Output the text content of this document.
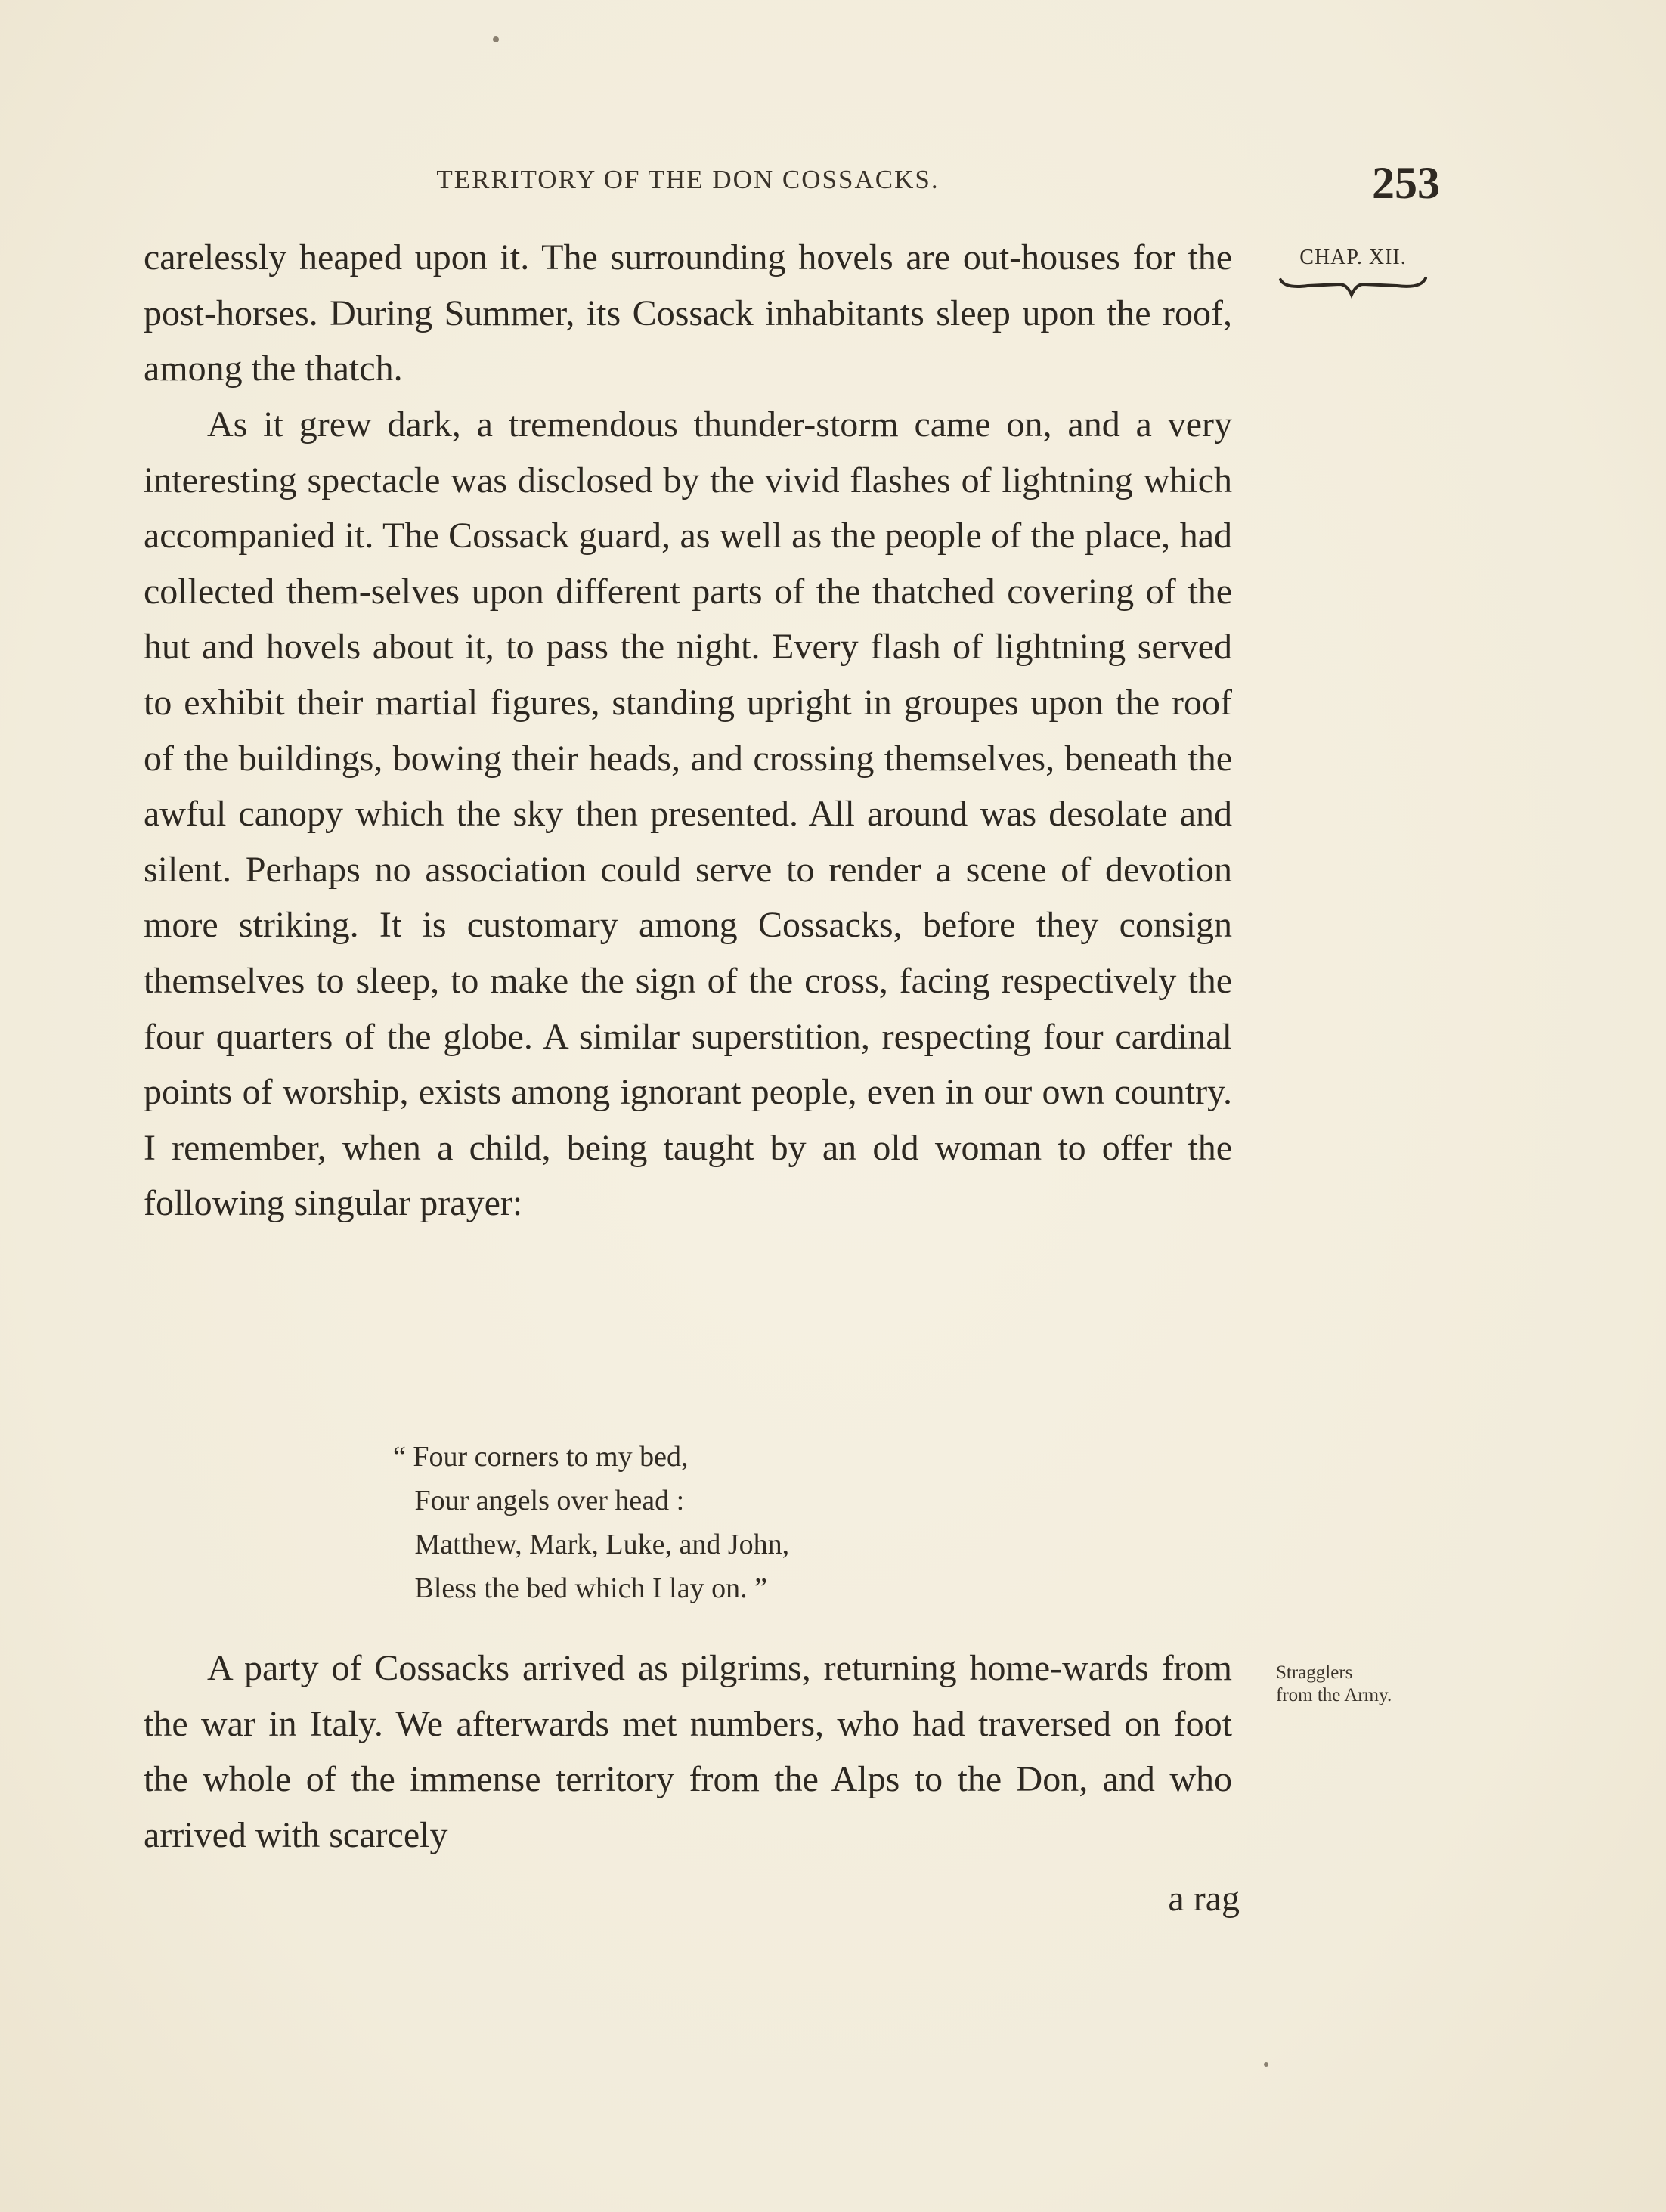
TERRITORY OF THE DON COSSACKS.	253
CHAP. XII.
carelessly heaped upon it. The surrounding hovels are out-houses for the post-horses. During Summer, its Cossack inhabitants sleep upon the roof, among the thatch.
As it grew dark, a tremendous thunder-storm came on, and a very interesting spectacle was disclosed by the vivid flashes of lightning which accompanied it. The Cossack guard, as well as the people of the place, had collected them-selves upon different parts of the thatched covering of the hut and hovels about it, to pass the night. Every flash of lightning served to exhibit their martial figures, standing upright in groupes upon the roof of the buildings, bowing their heads, and crossing themselves, beneath the awful canopy which the sky then presented. All around was desolate and silent. Perhaps no association could serve to render a scene of devotion more striking. It is customary among Cossacks, before they consign themselves to sleep, to make the sign of the cross, facing respectively the four quarters of the globe. A similar superstition, respecting four cardinal points of worship, exists among ignorant people, even in our own country. I remember, when a child, being taught by an old woman to offer the following singular prayer:
“ Four corners to my bed,
Four angels over head :
Matthew, Mark, Luke, and John,
Bless the bed which I lay on. ”
A party of Cossacks arrived as pilgrims, returning home-wards from the war in Italy. We afterwards met numbers, who had traversed on foot the whole of the immense territory from the Alps to the Don, and who arrived with scarcely
a rag
Stragglers
from the Army.
